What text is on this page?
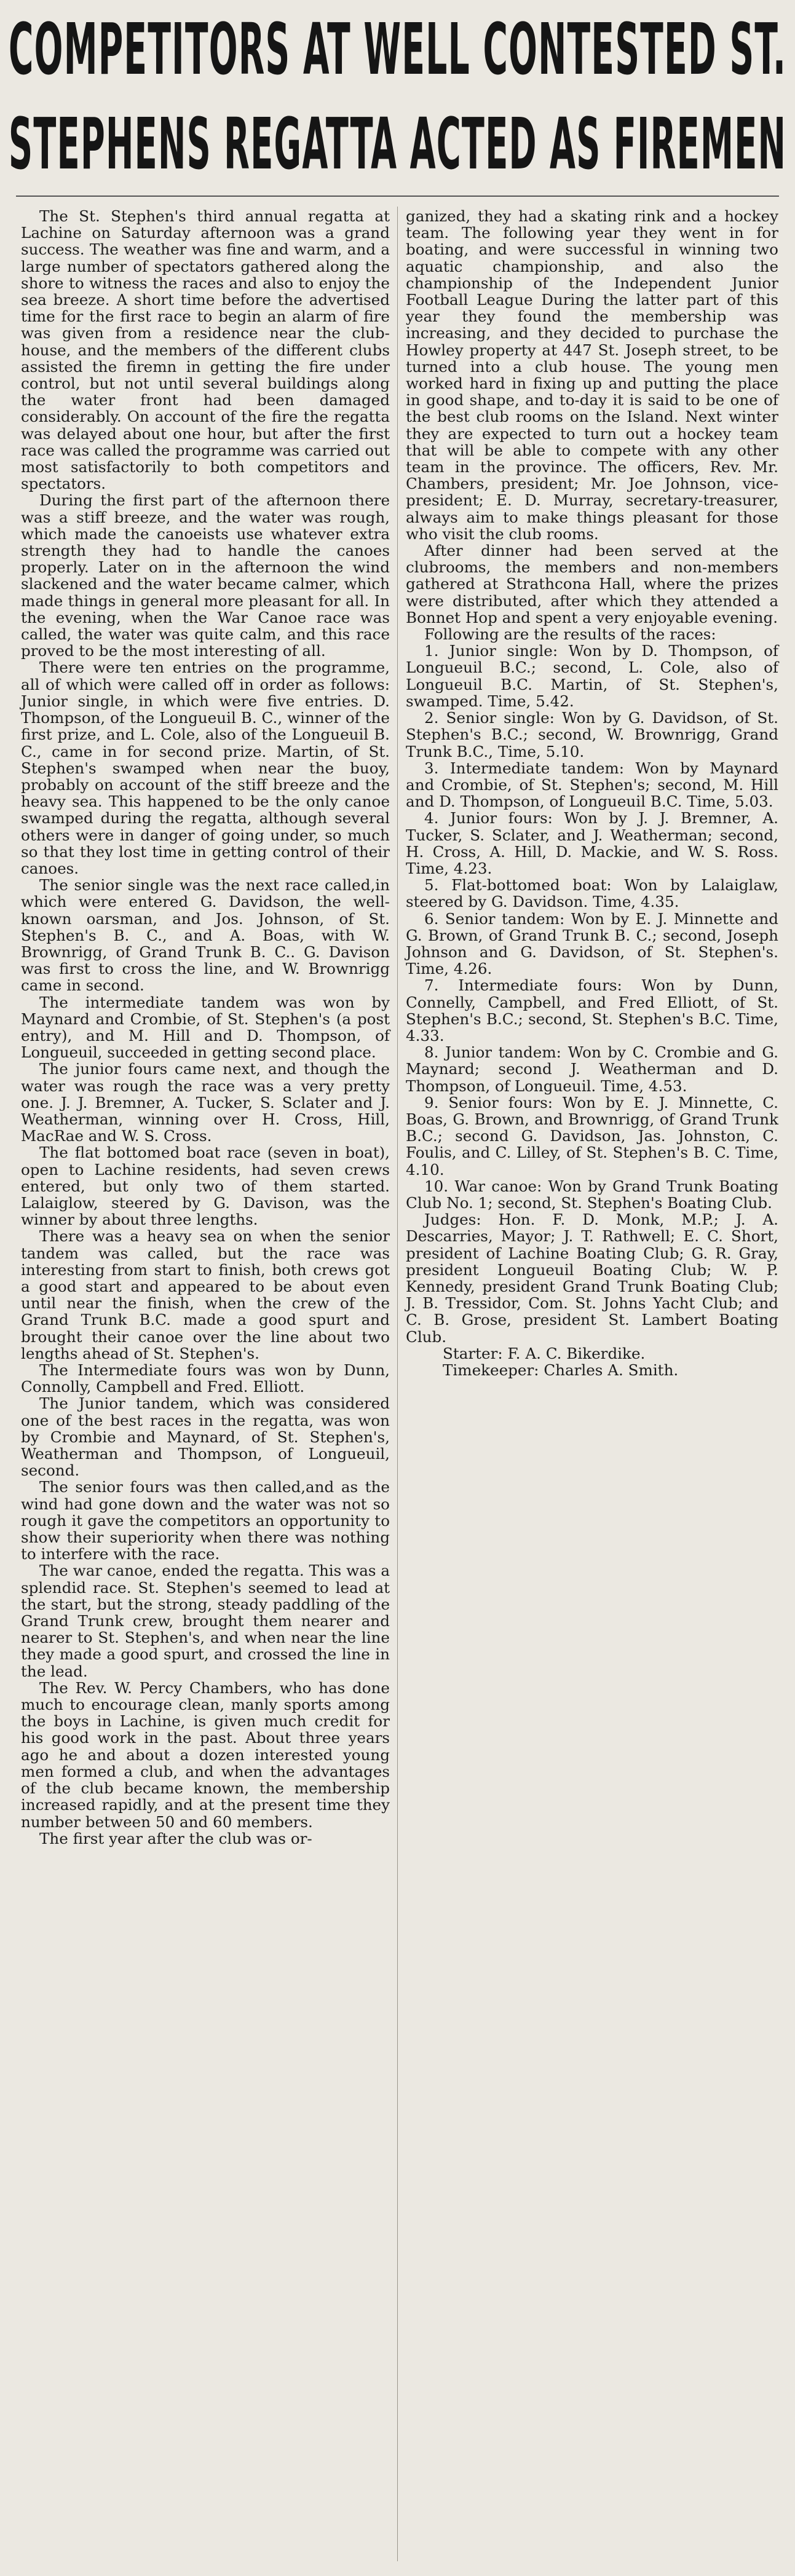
COMPETITORS AT WELL CONTESTED ST.
STEPHENS REGATTA ACTED AS FIREMEN

The St. Stephen's third annual regatta at Lachine on Saturday afternoon was a grand success. The weather was fine and warm, and a large number of spectators gathered along the shore to witness the races and also to enjoy the sea breeze. A short time before the advertised time for the first race to begin an alarm of fire was given from a residence near the club-house, and the members of the different clubs assisted the firemn in getting the fire under control, but not until several buildings along the water front had been damaged considerably. On account of the fire the regatta was delayed about one hour, but after the first race was called the programme was carried out most satisfactorily to both competitors and spectators.

During the first part of the afternoon there was a stiff breeze, and the water was rough, which made the canoeists use whatever extra strength they had to handle the canoes properly. Later on in the afternoon the wind slackened and the water became calmer, which made things in general more pleasant for all. In the evening, when the War Canoe race was called, the water was quite calm, and this race proved to be the most interesting of all.

There were ten entries on the programme, all of which were called off in order as follows: Junior single, in which were five entries. D. Thompson, of the Longueuil B. C., winner of the first prize, and L. Cole, also of the Longueuil B. C., came in for second prize. Martin, of St. Stephen's swamped when near the buoy, probably on account of the stiff breeze and the heavy sea. This happened to be the only canoe swamped during the regatta, although several others were in danger of going under, so much so that they lost time in getting control of their canoes.

The senior single was the next race called,in which were entered G. Davidson, the well-known oarsman, and Jos. Johnson, of St. Stephen's B. C., and A. Boas, with W. Brownrigg, of Grand Trunk B. C.. G. Davison was first to cross the line, and W. Brownrigg came in second.

The intermediate tandem was won by Maynard and Crombie, of St. Stephen's (a post entry), and M. Hill and D. Thompson, of Longueuil, succeeded in getting second place.

The junior fours came next, and though the water was rough the race was a very pretty one. J. J. Bremner, A. Tucker, S. Sclater and J. Weatherman, winning over H. Cross, Hill, MacRae and W. S. Cross.

The flat bottomed boat race (seven in boat), open to Lachine residents, had seven crews entered, but only two of them started. Lalaiglow, steered by G. Davison, was the winner by about three lengths.

There was a heavy sea on when the senior tandem was called, but the race was interesting from start to finish, both crews got a good start and appeared to be about even until near the finish, when the crew of the Grand Trunk B.C. made a good spurt and brought their canoe over the line about two lengths ahead of St. Stephen's.

The Intermediate fours was won by Dunn, Connolly, Campbell and Fred. Elliott.

The Junior tandem, which was considered one of the best races in the regatta, was won by Crombie and Maynard, of St. Stephen's, Weatherman and Thompson, of Longueuil, second.

The senior fours was then called,and as the wind had gone down and the water was not so rough it gave the competitors an opportunity to show their superiority when there was nothing to interfere with the race.

The war canoe, ended the regatta. This was a splendid race. St. Stephen's seemed to lead at the start, but the strong, steady paddling of the Grand Trunk crew, brought them nearer and nearer to St. Stephen's, and when near the line they made a good spurt, and crossed the line in the lead.

The Rev. W. Percy Chambers, who has done much to encourage clean, manly sports among the boys in Lachine, is given much credit for his good work in the past. About three years ago he and about a dozen interested young men formed a club, and when the advantages of the club became known, the membership increased rapidly, and at the present time they number between 50 and 60 members.

The first year after the club was or-

ganized, they had a skating rink and a hockey team. The following year they went in for boating, and were successful in winning two aquatic championship, and also the championship of the Independent Junior Football League During the latter part of this year they found the membership was increasing, and they decided to purchase the Howley property at 447 St. Joseph street, to be turned into a club house. The young men worked hard in fixing up and putting the place in good shape, and to-day it is said to be one of the best club rooms on the Island. Next winter they are expected to turn out a hockey team that will be able to compete with any other team in the province. The officers, Rev. Mr. Chambers, president; Mr. Joe Johnson, vice-president; E. D. Murray, secretary-treasurer, always aim to make things pleasant for those who visit the club rooms.

After dinner had been served at the clubrooms, the members and non-members gathered at Strathcona Hall, where the prizes were distributed, after which they attended a Bonnet Hop and spent a very enjoyable evening.

Following are the results of the races:

1. Junior single: Won by D. Thompson, of Longueuil B.C.; second, L. Cole, also of Longueuil B.C. Martin, of St. Stephen's, swamped. Time, 5.42.

2. Senior single: Won by G. Davidson, of St. Stephen's B.C.; second, W. Brownrigg, Grand Trunk B.C., Time, 5.10.

3. Intermediate tandem: Won by Maynard and Crombie, of St. Stephen's; second, M. Hill and D. Thompson, of Longueuil B.C. Time, 5.03.

4. Junior fours: Won by J. J. Bremner, A. Tucker, S. Sclater, and J. Weatherman; second, H. Cross, A. Hill, D. Mackie, and W. S. Ross. Time, 4.23.

5. Flat-bottomed boat: Won by Lalaiglaw, steered by G. Davidson. Time, 4.35.

6. Senior tandem: Won by E. J. Minnette and G. Brown, of Grand Trunk B. C.; second, Joseph Johnson and G. Davidson, of St. Stephen's. Time, 4.26.

7. Intermediate fours: Won by Dunn, Connelly, Campbell, and Fred Elliott, of St. Stephen's B.C.; second, St. Stephen's B.C. Time, 4.33.

8. Junior tandem: Won by C. Crombie and G. Maynard; second J. Weatherman and D. Thompson, of Longueuil. Time, 4.53.

9. Senior fours: Won by E. J. Minnette, C. Boas, G. Brown, and Brownrigg, of Grand Trunk B.C.; second G. Davidson, Jas. Johnston, C. Foulis, and C. Lilley, of St. Stephen's B. C. Time, 4.10.

10. War canoe: Won by Grand Trunk Boating Club No. 1; second, St. Stephen's Boating Club.

Judges: Hon. F. D. Monk, M.P.; J. A. Descarries, Mayor; J. T. Rathwell; E. C. Short, president of Lachine Boating Club; G. R. Gray, president Longueuil Boating Club; W. P. Kennedy, president Grand Trunk Boating Club; J. B. Tressidor, Com. St. Johns Yacht Club; and C. B. Grose, president St. Lambert Boating Club.

Starter: F. A. C. Bikerdike.

Timekeeper: Charles A. Smith.
